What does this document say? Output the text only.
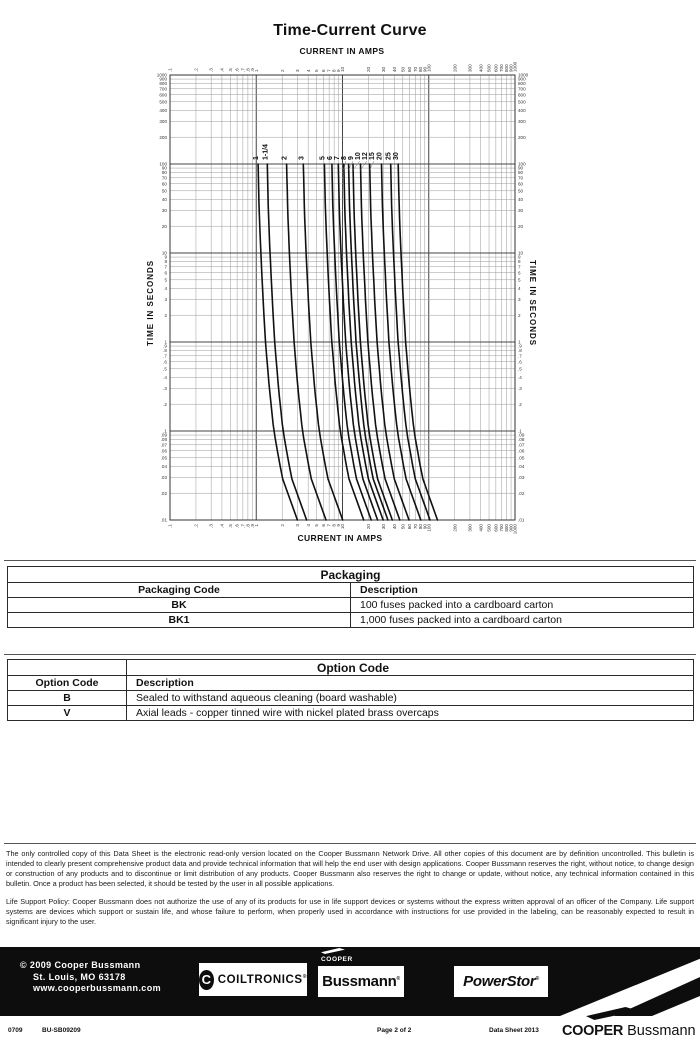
Time-Current Curve
CURRENT IN AMPS
.1
.1
.2
.2
.3
.3
.4
.4
.5
.5
.6
.6
.7
.7
.8
.8
.9
.9
1
1
2
2
3
3
4
4
5
5
6
6
7
7
8
8
9
9
10
10
20
20
30
30
40
40
50
50
60
60
70
70
80
80
90
90
100
100
200
200
300
300
400
400
500
500
600
600
700
700
800
800
900
900
1000
1000
.01	.01
.02	.02
.03	.03
.04	.04
.05	.05
.06	.06
.07	.07
.08	.08
.09	.09
.1	.1
.2	.2
.3	.3
.4	.4
.5	.5
.6	.6
.7	.7
.8	.8
.9	.9
1	1
2	2
3	3
4	4
5	5
6	6
7	7
8	8
9	9
10	10
20	20
30	30
40	40
50	50
60	60
70	70
80	80
90	90
100	100
200	200
300	300
400	400
500	500
600	600
700	700
800	800
900	900
1000	1000
1 1-1/4 2 3 5 6 7 8 9 10 12 15 20 25 30
TIME IN SECONDS	TIME IN SECONDS
CURRENT IN AMPS
Packaging	
Packaging Code	Description
BK	100 fuses packed into a cardboard carton
BK1	1,000 fuses packed into a cardboard carton
	Option Code
Option Code	Description
B	Sealed to withstand aqueous cleaning (board washable)
V	Axial leads - copper tinned wire with nickel plated brass overcaps
The only controlled copy of this Data Sheet is the electronic read-only version located on the Cooper Bussmann Network Drive. All other copies of this document are by definition uncontrolled. This bulletin is intended to clearly present comprehensive product data and provide technical information that will help the end user with design applications. Cooper Bussmann reserves the right, without notice, to change design or construction of any products and to discontinue or limit distribution of any products. Cooper Bussmann also reserves the right to change or update, without notice, any technical information contained in this bulletin. Once a product has been selected, it should be tested by the user in all possible applications.
Life Support Policy: Cooper Bussmann does not authorize the use of any of its products for use in life support devices or systems without the express written approval of an officer of the Company. Life support systems are devices which support or sustain life, and whose failure to perform, when properly used in accordance with instructions for use provided in the labeling, can be reasonably expected to result in significant injury to the user.
© 2009 Cooper Bussmann
St. Louis, MO 63178
www.cooperbussmann.com
C COILTRONICS®
COOPER
Bussmann®	PowerStor®
0709	BU-SB09209	Page 2 of 2	Data Sheet 2013 COOPER Bussmann
